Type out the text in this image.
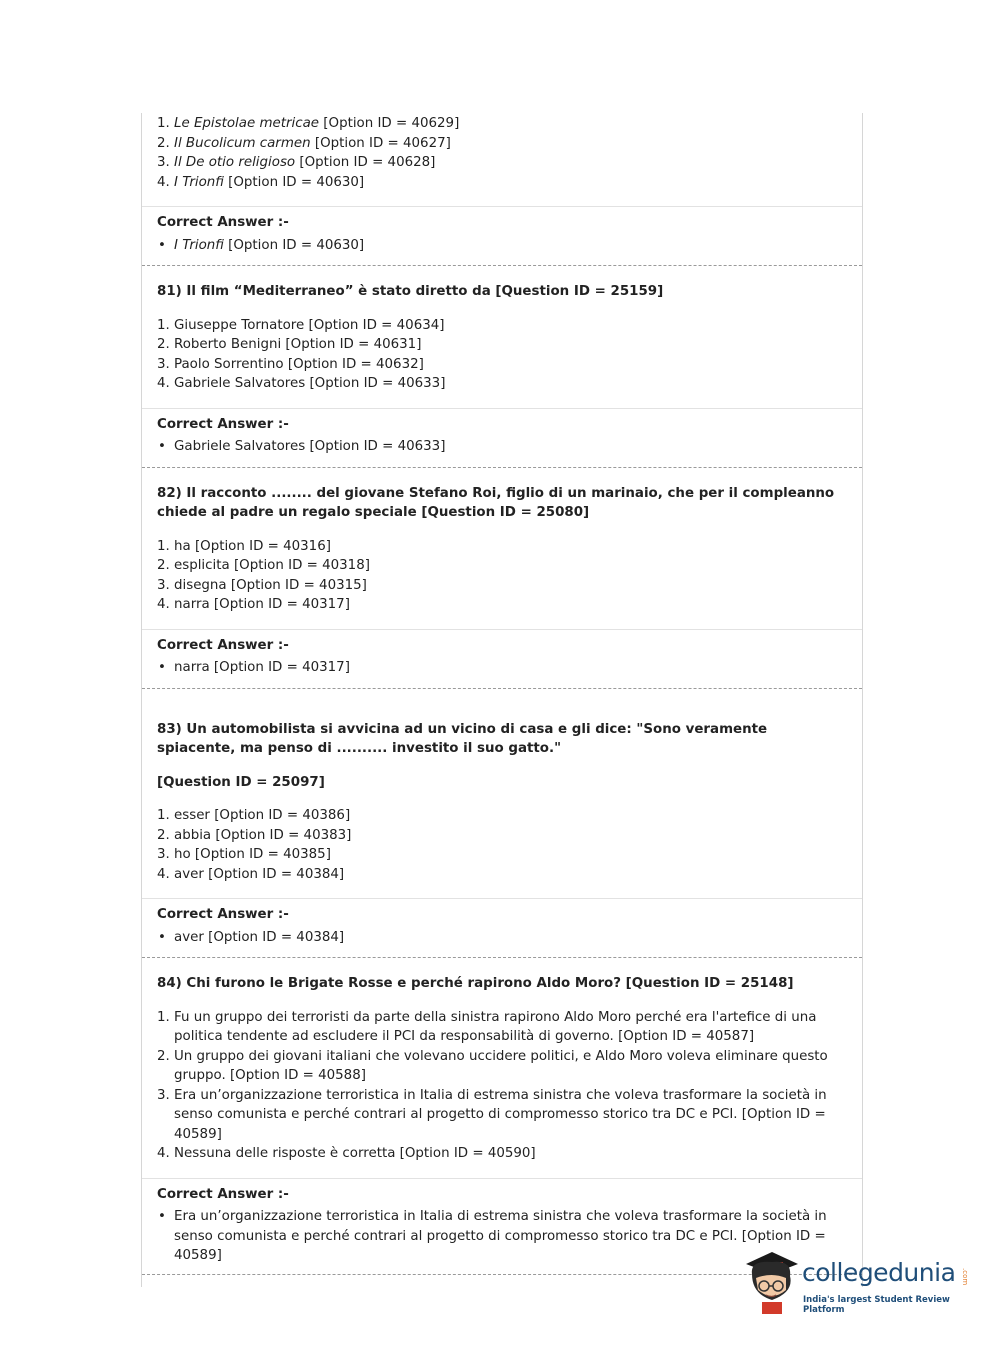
Le Epistolae metricae [Option ID = 40629]
Il Bucolicum carmen [Option ID = 40627]
Il De otio religioso [Option ID = 40628]
I Trionfi [Option ID = 40630]
Correct Answer :-
• I Trionfi [Option ID = 40630]
81) Il film “Mediterraneo” è stato diretto da [Question ID = 25159]
Giuseppe Tornatore [Option ID = 40634]
Roberto Benigni [Option ID = 40631]
Paolo Sorrentino [Option ID = 40632]
Gabriele Salvatores [Option ID = 40633]
Correct Answer :-
• Gabriele Salvatores [Option ID = 40633]
82) Il racconto ........ del giovane Stefano Roi, figlio di un marinaio, che per il compleanno chiede al padre un regalo speciale [Question ID = 25080]
ha [Option ID = 40316]
esplicita [Option ID = 40318]
disegna [Option ID = 40315]
narra [Option ID = 40317]
Correct Answer :-
• narra [Option ID = 40317]
83) Un automobilista si avvicina ad un vicino di casa e gli dice: "Sono veramente spiacente, ma penso di .......... investito il suo gatto."
[Question ID = 25097]
esser [Option ID = 40386]
abbia [Option ID = 40383]
ho [Option ID = 40385]
aver [Option ID = 40384]
Correct Answer :-
• aver [Option ID = 40384]
84) Chi furono le Brigate Rosse e perché rapirono Aldo Moro? [Question ID = 25148]
Fu un gruppo dei terroristi da parte della sinistra rapirono Aldo Moro perché era l'artefice di una politica tendente ad escludere il PCI da responsabilità di governo. [Option ID = 40587]
Un gruppo dei giovani italiani che volevano uccidere politici, e Aldo Moro voleva eliminare questo gruppo. [Option ID = 40588]
Era un’organizzazione terroristica in Italia di estrema sinistra che voleva trasformare la società in senso comunista e perché contrari al progetto di compromesso storico tra DC e PCI. [Option ID = 40589]
Nessuna delle risposte è corretta [Option ID = 40590]
Correct Answer :-
• Era un’organizzazione terroristica in Italia di estrema sinistra che voleva trasformare la società in senso comunista e perché contrari al progetto di compromesso storico tra DC e PCI. [Option ID = 40589]
collegedunia .com
India's largest Student Review Platform
